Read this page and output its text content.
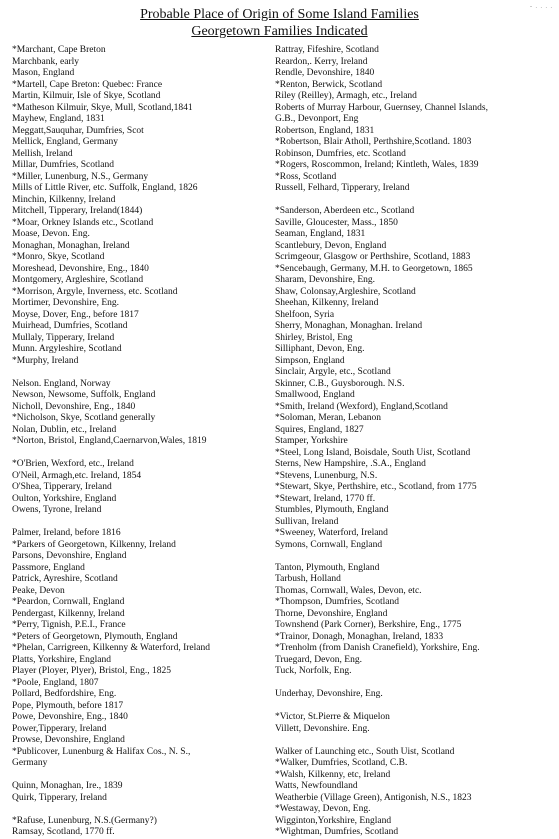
Probable Place of Origin of Some Island Families
Georgetown Families Indicated
- . . . .
*Marchant, Cape Breton
Marchbank, early
Mason, England
*Martell, Cape Breton: Quebec: France
Martin, Kilmuir, Isle of Skye, Scotland
*Matheson Kilmuir, Skye, Mull, Scotland,1841
Mayhew, England, 1831
Meggatt,Sauquhar, Dumfries, Scot
Mellick, England, Germany
Mellish, Ireland
Millar, Dumfries, Scotland
*Miller, Lunenburg, N.S., Germany
Mills of Little River, etc. Suffolk, England, 1826
Minchin, Kilkenny, Ireland
Mitchell, Tipperary, Ireland(1844)
*Moar, Orkney Islands etc., Scotland
Moase, Devon. Eng.
Monaghan, Monaghan, Ireland
*Monro, Skye, Scotland
Moreshead, Devonshire, Eng., 1840
Montgomery, Argleshire, Scotland
*Morrison, Argyle, Inverness, etc. Scotland
Mortimer, Devonshire, Eng.
Moyse, Dover, Eng., before 1817
Muirhead, Dumfries, Scotland
Mullaly, Tipperary, Ireland
Munn. Argyleshire, Scotland
*Murphy, Ireland
Nelson. England, Norway
Newson, Newsome, Suffolk, England
Nicholl, Devonshire, Eng., 1840
*Nicholson, Skye, Scotland generally
Nolan, Dublin, etc., Ireland
*Norton, Bristol, England,Caernarvon,Wales, 1819
*O'Brien, Wexford, etc., Ireland
O'Neil, Armagh,etc. Ireland, 1854
O'Shea, Tipperary, Ireland
Oulton, Yorkshire, England
Owens, Tyrone, Ireland
Palmer, Ireland, before 1816
*Parkers of Georgetown, Kilkenny, Ireland
Parsons, Devonshire, England
Passmore, England
Patrick, Ayreshire, Scotland
Peake, Devon
*Peardon, Cornwall, England
Pendergast, Kilkenny, Ireland
*Perry, Tignish, P.E.I., France
*Peters of Georgetown, Plymouth, England
*Phelan, Carrigreen, Kilkenny & Waterford, Ireland
Platts, Yorkshire, England
Player (Ployer, Plyer), Bristol, Eng., 1825
*Poole, England, 1807
Pollard, Bedfordshire, Eng.
Pope, Plymouth, before 1817
Powe, Devonshire, Eng., 1840
Power,Tipperary, Ireland
Prowse, Devonshire, England
*Publicover, Lunenburg & Halifax Cos., N. S.,
Germany
Quinn, Monaghan, Ire., 1839
Quirk, Tipperary, Ireland
*Rafuse, Lunenburg, N.S.(Germany?)
Ramsay, Scotland, 1770 ff.
Rattray, Fifeshire, Scotland
Reardon,. Kerry, Ireland
Rendle, Devonshire, 1840
*Renton, Berwick, Scotland
Riley (Reilley), Armagh, etc., Ireland
Roberts of Murray Harbour, Guernsey, Channel Islands,
G.B., Devonport, Eng
Robertson, England, 1831
*Robertson, Blair Atholl, Perthshire,Scotland. 1803
Robinson, Dumfries, etc. Scotland
*Rogers, Roscommon, Ireland; Kintleth, Wales, 1839
*Ross, Scotland
Russell, Felhard, Tipperary, Ireland
*Sanderson, Aberdeen etc., Scotland
Saville, Gloucester, Mass., 1850
Seaman, England, 1831
Scantlebury, Devon, England
Scrimgeour, Glasgow or Perthshire, Scotland, 1883
*Sencebaugh, Germany, M.H. to Georgetown, 1865
Sharam, Devonshire, Eng.
Shaw, Colonsay,Argleshire, Scotland
Sheehan, Kilkenny, Ireland
Shelfoon, Syria
Sherry, Monaghan, Monaghan. Ireland
Shirley, Bristol, Eng
Silliphant, Devon, Eng.
Simpson, England
Sinclair, Argyle, etc., Scotland
Skinner, C.B., Guysborough. N.S.
Smallwood, England
*Smith, Ireland (Wexford), England,Scotland
*Soloman, Meran, Lebanon
Squires, England, 1827
Stamper, Yorkshire
*Steel, Long Island, Boisdale, South Uist, Scotland
Sterns, New Hampshire, .S.A., England
*Stevens, Lunenburg, N.S.
*Stewart, Skye, Perthshire, etc., Scotland, from 1775
*Stewart, Ireland, 1770 ff.
Stumbles, Plymouth, England
Sullivan, Ireland
*Sweeney, Waterford, Ireland
Symons, Cornwall, England
Tanton, Plymouth, England
Tarbush, Holland
Thomas, Cornwall, Wales, Devon, etc.
*Thompson, Dumfries, Scotland
Thorne, Devonshire, England
Townshend (Park Corner), Berkshire, Eng., 1775
*Trainor, Donagh, Monaghan, Ireland, 1833
*Trenholm (from Danish Cranefield), Yorkshire, Eng.
Truegard, Devon, Eng.
Tuck, Norfolk, Eng.
Underhay, Devonshire, Eng.
*Victor, St.Pierre & Miquelon
Villett, Devonshire. Eng.
Walker of Launching etc., South Uist, Scotland
*Walker, Dumfries, Scotland, C.B.
*Walsh, Kilkenny, etc, Ireland
Watts, Newfoundland
Weatherbie (Village Green), Antigonish, N.S., 1823
*Westaway, Devon, Eng.
Wigginton,Yorkshire, England
*Wightman, Dumfries, Scotland
